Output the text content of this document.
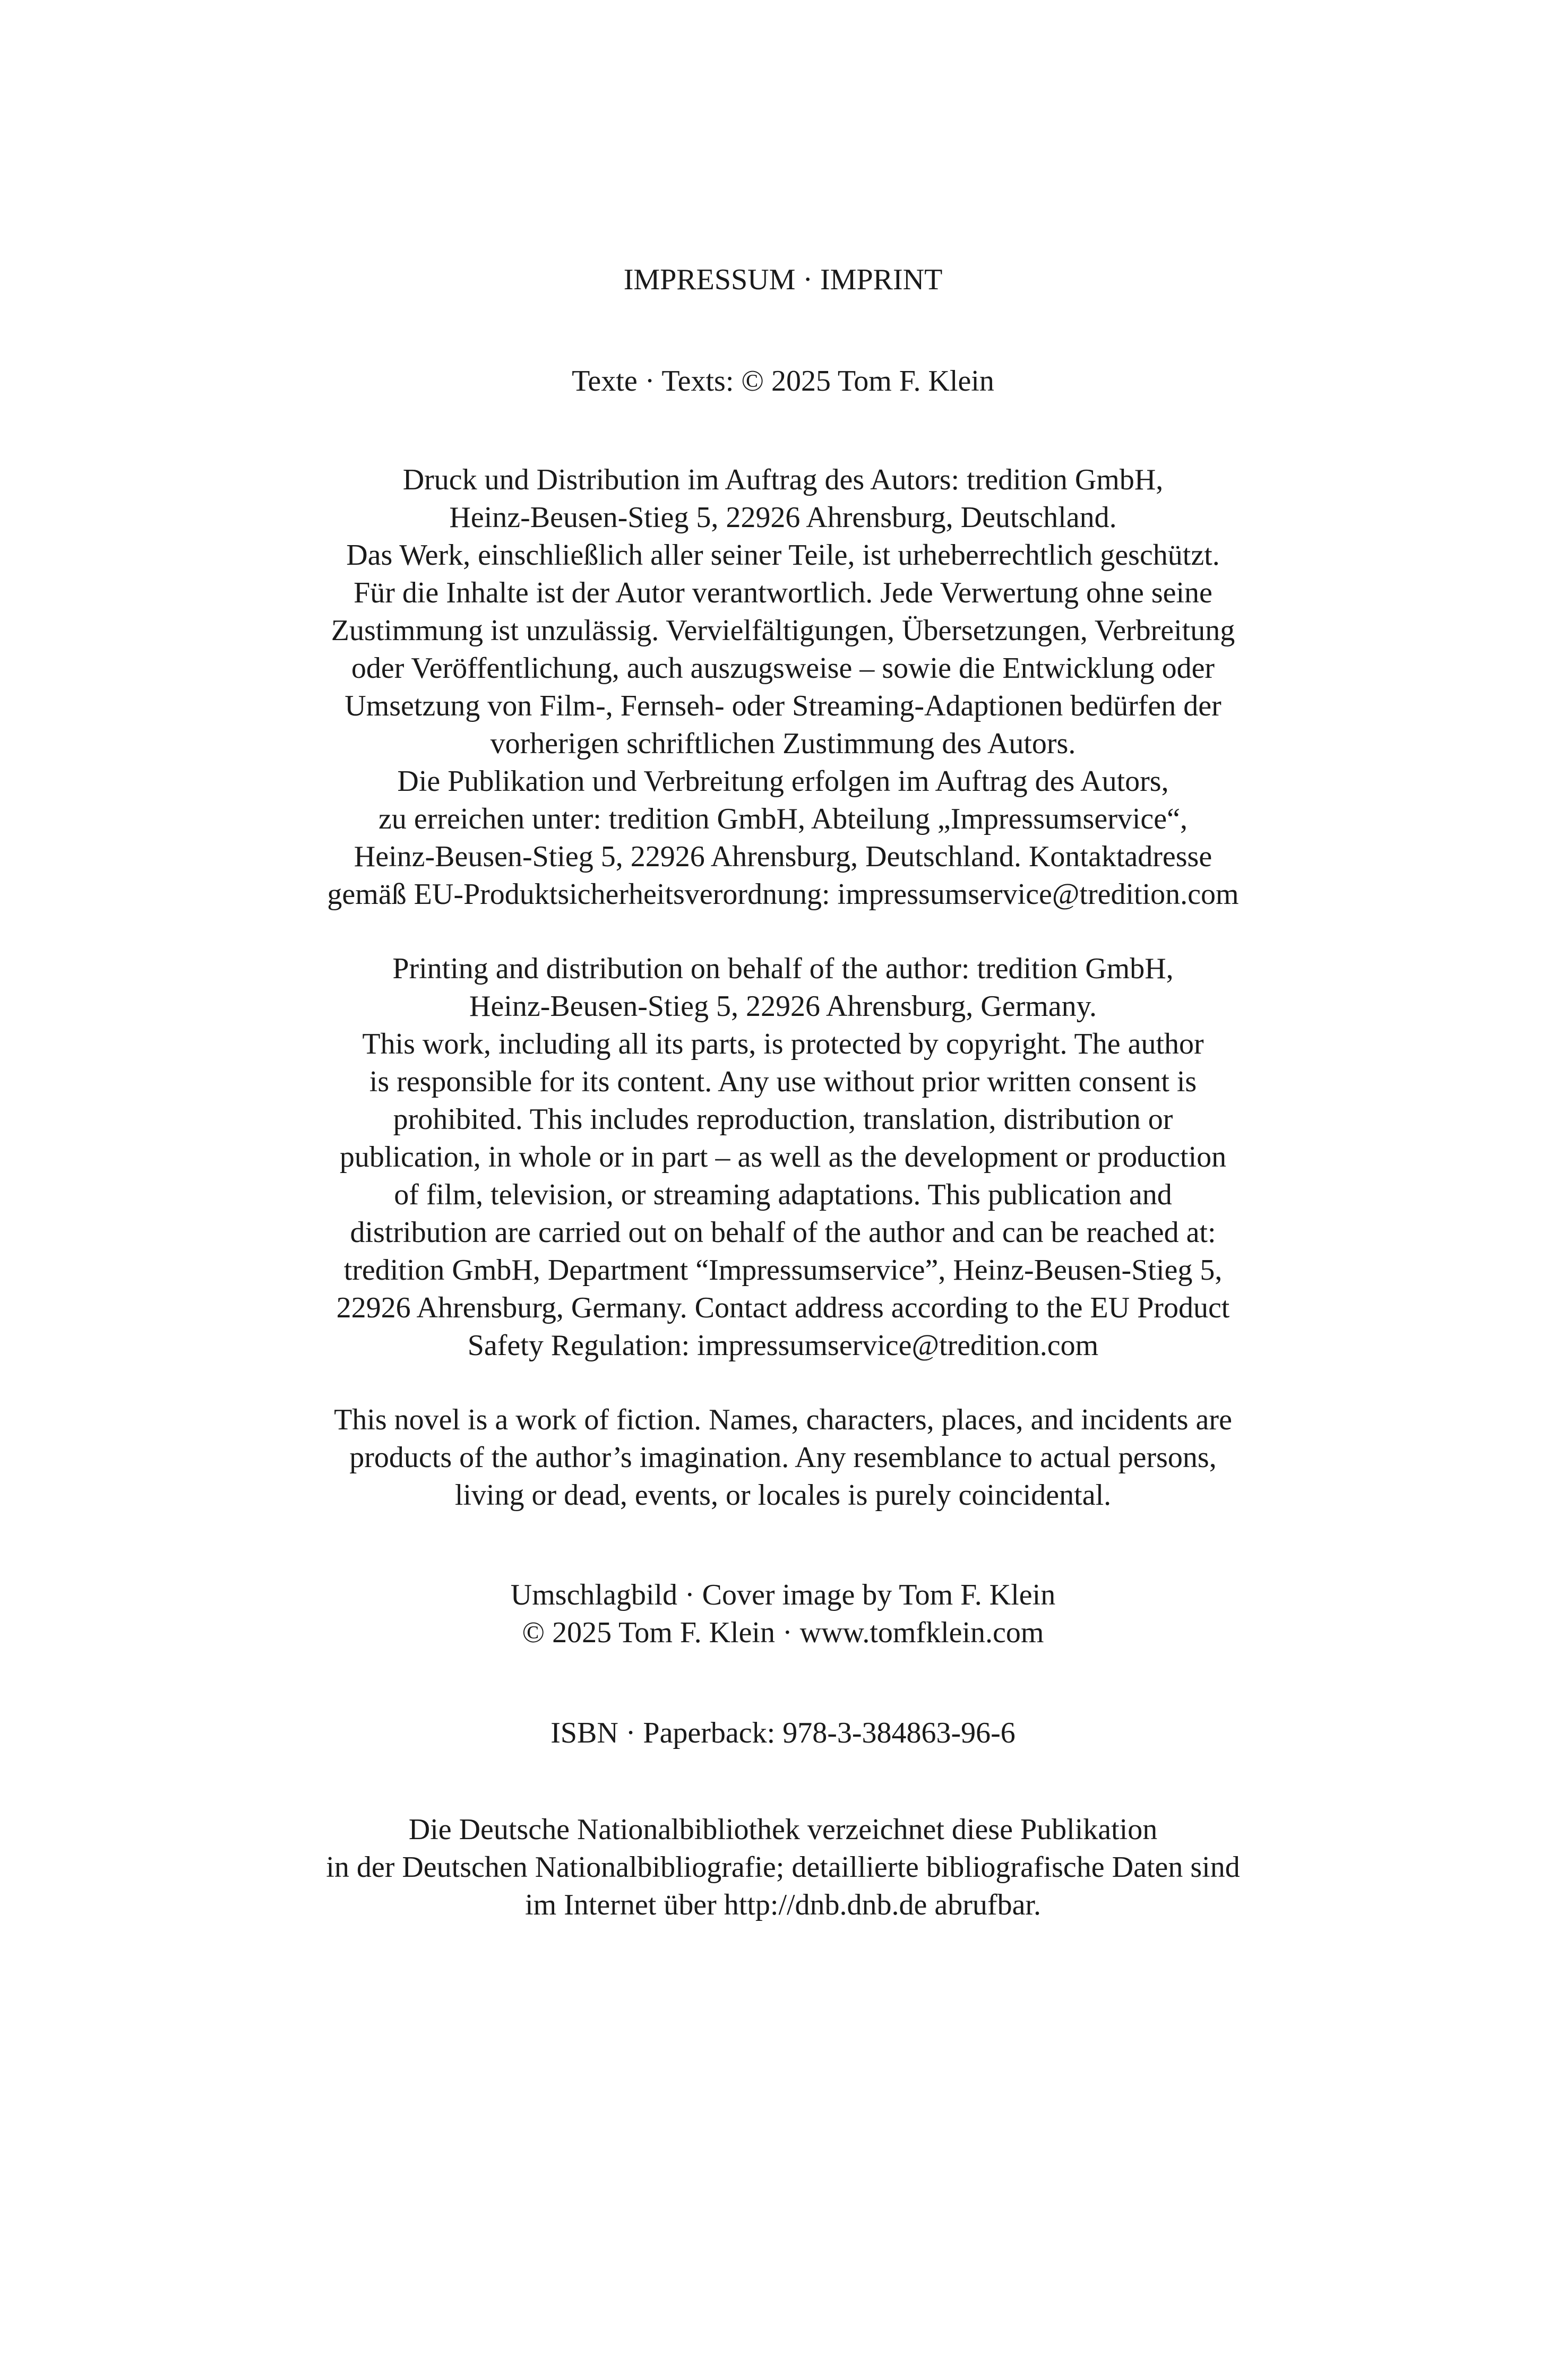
IMPRESSUM · IMPRINT
Texte · Texts: © 2025 Tom F. Klein
Druck und Distribution im Auftrag des Autors: tredition GmbH,
Heinz-Beusen-Stieg 5, 22926 Ahrensburg, Deutschland.
Das Werk, einschließlich aller seiner Teile, ist urheberrechtlich geschützt.
Für die Inhalte ist der Autor verantwortlich. Jede Verwertung ohne seine
Zustimmung ist unzulässig. Vervielfältigungen, Übersetzungen, Verbreitung
oder Veröffentlichung, auch auszugsweise – sowie die Entwicklung oder
Umsetzung von Film-, Fernseh- oder Streaming-Adaptionen bedürfen der
vorherigen schriftlichen Zustimmung des Autors.
Die Publikation und Verbreitung erfolgen im Auftrag des Autors,
zu erreichen unter: tredition GmbH, Abteilung „Impressumservice“,
Heinz-Beusen-Stieg 5, 22926 Ahrensburg, Deutschland. Kontaktadresse
gemäß EU-Produktsicherheitsverordnung: impressumservice@tredition.com
Printing and distribution on behalf of the author: tredition GmbH,
Heinz-Beusen-Stieg 5, 22926 Ahrensburg, Germany.
This work, including all its parts, is protected by copyright. The author
is responsible for its content. Any use without prior written consent is
prohibited. This includes reproduction, translation, distribution or
publication, in whole or in part – as well as the development or production
of film, television, or streaming adaptations. This publication and
distribution are carried out on behalf of the author and can be reached at:
tredition GmbH, Department “Impressumservice”, Heinz-Beusen-Stieg 5,
22926 Ahrensburg, Germany. Contact address according to the EU Product
Safety Regulation: impressumservice@tredition.com
This novel is a work of fiction. Names, characters, places, and incidents are
products of the author’s imagination. Any resemblance to actual persons,
living or dead, events, or locales is purely coincidental.
Umschlagbild · Cover image by Tom F. Klein
© 2025 Tom F. Klein · www.tomfklein.com
ISBN · Paperback: 978-3-384863-96-6
Die Deutsche Nationalbibliothek verzeichnet diese Publikation
in der Deutschen Nationalbibliografie; detaillierte bibliografische Daten sind
im Internet über http://dnb.dnb.de abrufbar.
